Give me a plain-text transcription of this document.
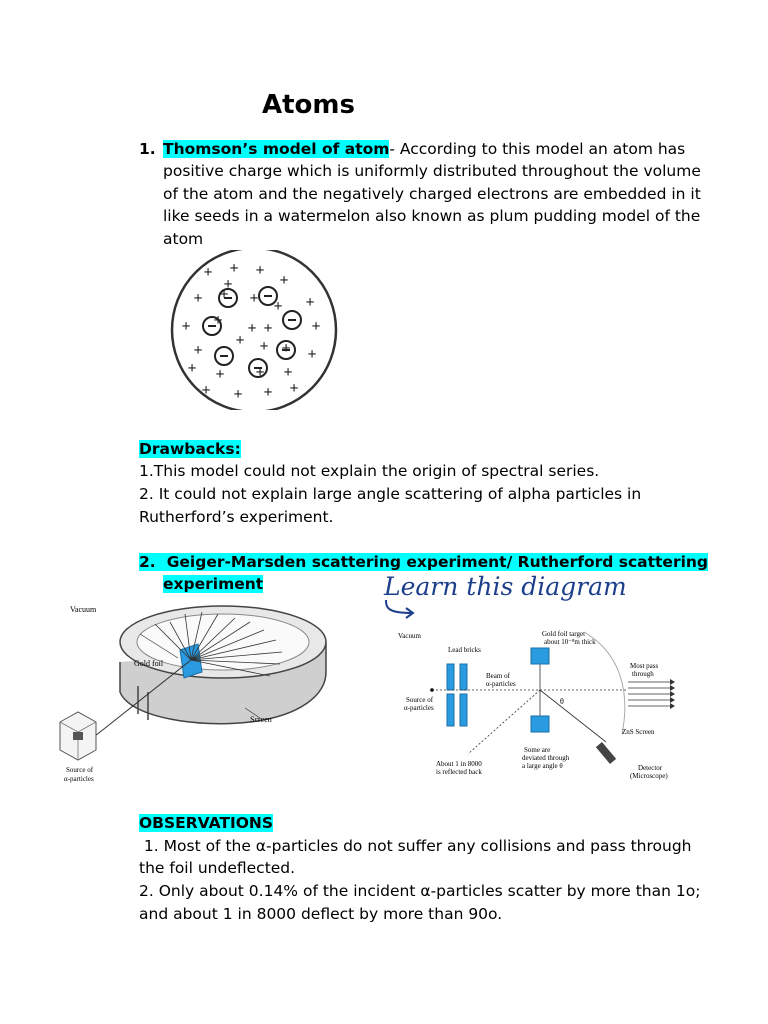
Atoms
1. Thomson’s model of atom- According to this model an atom has
positive charge which is uniformly distributed throughout the volume
of the atom and the negatively charged electrons are embedded in it
like seeds in a watermelon also known as plum pudding model of the
atom
+ + +
+
+ +	+
+	+ + +
+ + +
+	+
+ + + +
+ + + +
+
+ +
+
Drawbacks:
1.This model could not explain the origin of spectral series.
2. It could not explain large angle scattering of alpha particles in
Rutherford’s experiment.
2. Geiger-Marsden scattering experiment/ Rutherford scattering
experiment	Learn this diagram
Vacuum
Gold foil
Screen
Source of
α-particles
Vacuum	Gold foil target
about 10⁻⁸m thick
Lead bricks
Beam of
α-particles
Source of
α-particles
Most pass
through
θ
ZnS Screen
About 1 in 8000
is reflected back
Some are
deviated through
a large angle θ	Detector
(Microscope)
OBSERVATIONS
1. Most of the α-particles do not suffer any collisions and pass through
the foil undeflected.
2. Only about 0.14% of the incident α-particles scatter by more than 1o;
and about 1 in 8000 deflect by more than 90o.
